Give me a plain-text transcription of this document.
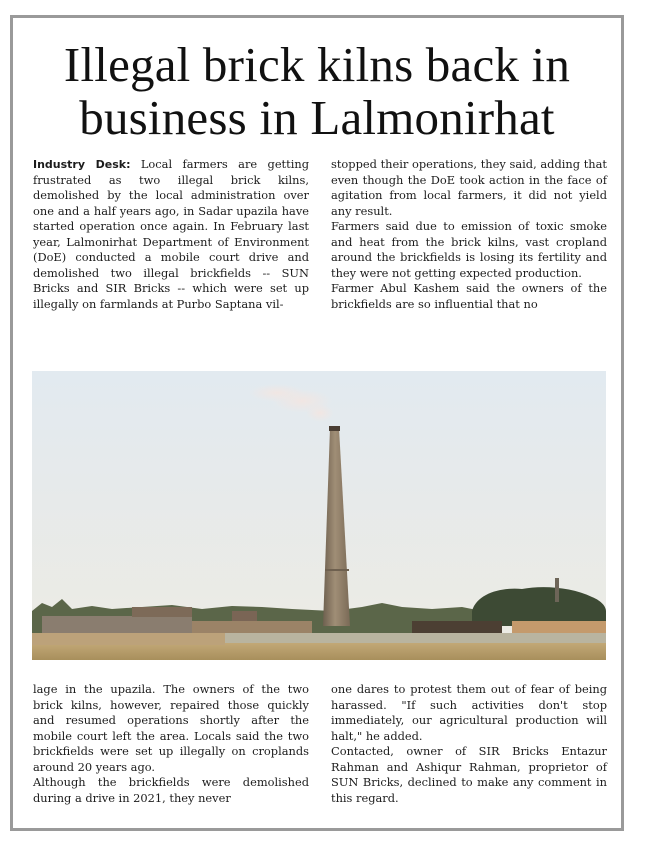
Illegal brick kilns back in
business in Lalmonirhat

Industry Desk: Local farmers are getting frustrated as two illegal brick kilns, demolished by the local administration over one and a half years ago, in Sadar upazila have started operation once again. In February last year, Lalmonirhat Department of Environment (DoE) conducted a mobile court drive and demolished two illegal brickfields -- SUN Bricks and SIR Bricks -- which were set up illegally on farmlands at Purbo Saptana vil-

stopped their operations, they said, adding that even though the DoE took action in the face of agitation from local farmers, it did not yield any result.

Farmers said due to emission of toxic smoke and heat from the brick kilns, vast cropland around the brickfields is losing its fertility and they were not getting expected production.

Farmer Abul Kashem said the owners of the brickfields are so influential that no

lage in the upazila. The owners of the two brick kilns, however, repaired those quickly and resumed operations shortly after the mobile court left the area. Locals said the two brickfields were set up illegally on croplands around 20 years ago.

Although the brickfields were demolished during a drive in 2021, they never

one dares to protest them out of fear of being harassed. "If such activities don't stop immediately, our agricultural production will halt," he added.

Contacted, owner of SIR Bricks Entazur Rahman and Ashiqur Rahman, proprietor of SUN Bricks, declined to make any comment in this regard.
